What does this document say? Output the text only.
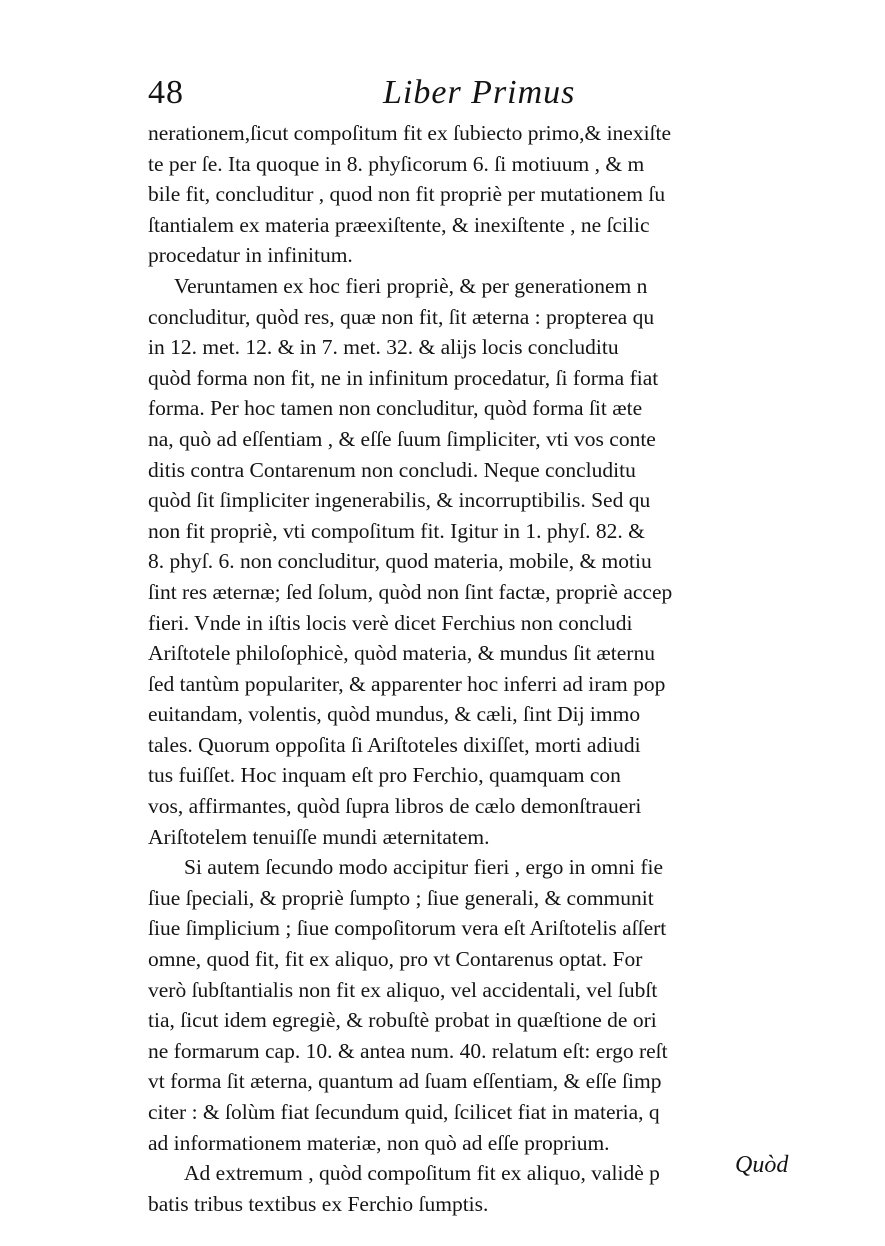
48	Liber Primus
nerationem,ſicut compoſitum fit ex ſubiecto primo,& inexiſte
te per ſe. Ita quoque in 8. phyſicorum 6. ſi motiuum , & m
bile fit, concluditur , quod non fit propriè per mutationem ſu
ſtantialem ex materia præexiſtente, & inexiſtente , ne ſcilic
procedatur in infinitum.
Veruntamen ex hoc fieri propriè, & per generationem n
concluditur, quòd res, quæ non fit, ſit æterna : propterea qu
in 12. met. 12. & in 7. met. 32. & alijs locis concluditu
quòd forma non fit, ne in infinitum procedatur, ſi forma fiat
forma. Per hoc tamen non concluditur, quòd forma ſit æte
na, quò ad eſſentiam , & eſſe ſuum ſimpliciter, vti vos conte
ditis contra Contarenum non concludi. Neque concluditu
quòd ſit ſimpliciter ingenerabilis, & incorruptibilis. Sed qu
non fit propriè, vti compoſitum fit. Igitur in 1. phyſ. 82. &
8. phyſ. 6. non concluditur, quod materia, mobile, & motiu
ſint res æternæ; ſed ſolum, quòd non ſint factæ, propriè accep
fieri. Vnde in iſtis locis verè dicet Ferchius non concludi
Ariſtotele philoſophicè, quòd materia, & mundus ſit æternu
ſed tantùm populariter, & apparenter hoc inferri ad iram pop
euitandam, volentis, quòd mundus, & cæli, ſint Dij immo
tales. Quorum oppoſita ſi Ariſtoteles dixiſſet, morti adiudi
tus fuiſſet. Hoc inquam eſt pro Ferchio, quamquam con
vos, affirmantes, quòd ſupra libros de cælo demonſtraueri
Ariſtotelem tenuiſſe mundi æternitatem.
Si autem ſecundo modo accipitur fieri , ergo in omni fie
ſiue ſpeciali, & propriè ſumpto ; ſiue generali, & communit
ſiue ſimplicium ; ſiue compoſitorum vera eſt Ariſtotelis aſſert
omne, quod fit, fit ex aliquo, pro vt Contarenus optat. For
verò ſubſtantialis non fit ex aliquo, vel accidentali, vel ſubſt
tia, ſicut idem egregiè, & robuſtè probat in quæſtione de ori
ne formarum cap. 10. & antea num. 40. relatum eſt: ergo reſt
vt forma ſit æterna, quantum ad ſuam eſſentiam, & eſſe ſimp
citer : & ſolùm fiat ſecundum quid, ſcilicet fiat in materia, q
ad informationem materiæ, non quò ad eſſe proprium.
Ad extremum , quòd compoſitum fit ex aliquo, validè p
batis tribus textibus ex Ferchio ſumptis.
Quòd
